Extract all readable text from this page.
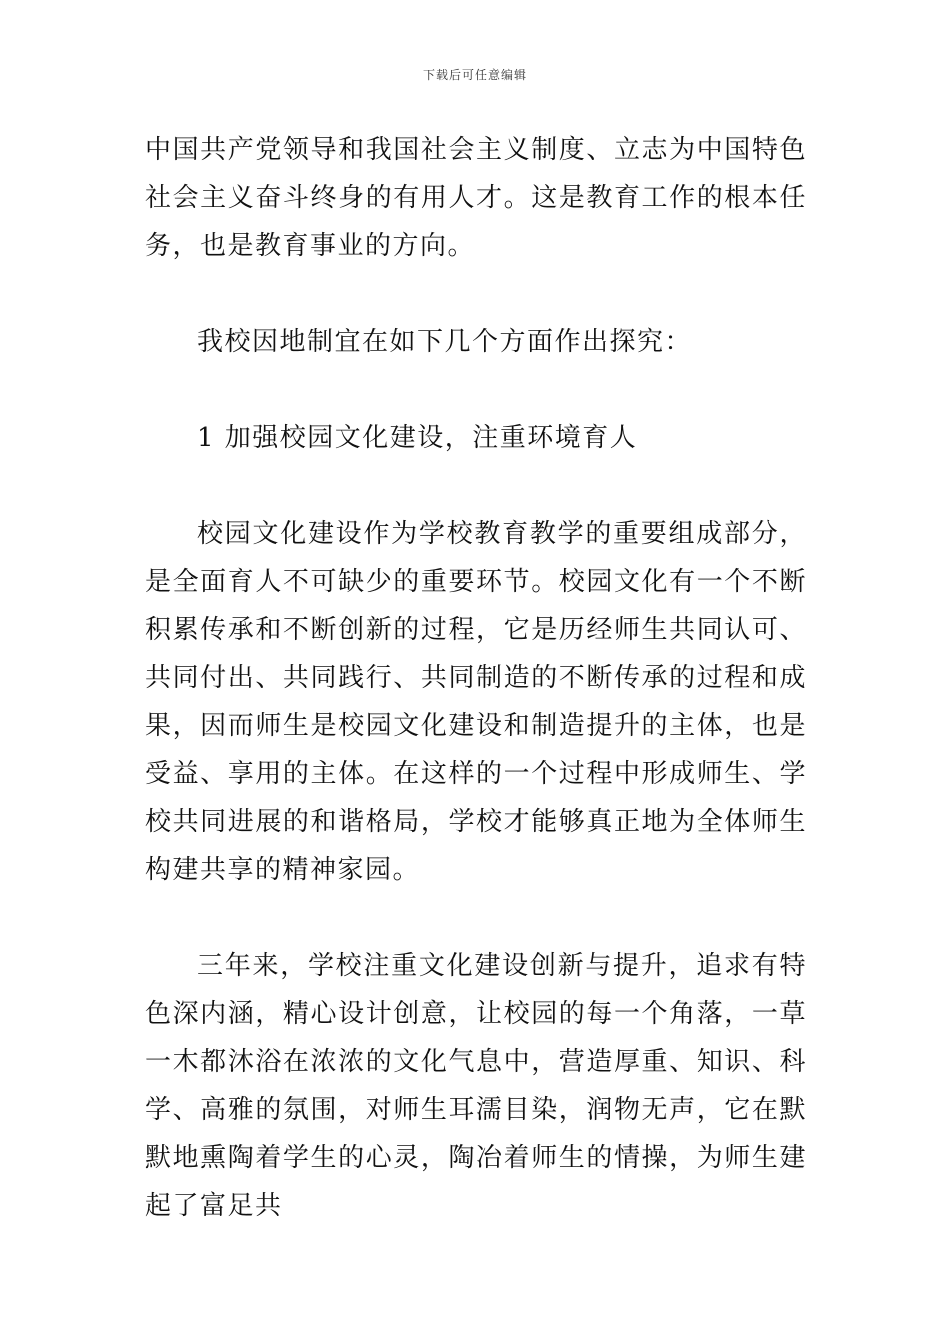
下载后可任意编辑

中国共产党领导和我国社会主义制度、立志为中国特色社会主义奋斗终身的有用人才。这是教育工作的根本任务，也是教育事业的方向。

我校因地制宜在如下几个方面作出探究：

1 加强校园文化建设，注重环境育人

校园文化建设作为学校教育教学的重要组成部分，是全面育人不可缺少的重要环节。校园文化有一个不断积累传承和不断创新的过程，它是历经师生共同认可、共同付出、共同践行、共同制造的不断传承的过程和成果，因而师生是校园文化建设和制造提升的主体，也是受益、享用的主体。在这样的一个过程中形成师生、学校共同进展的和谐格局，学校才能够真正地为全体师生构建共享的精神家园。

三年来，学校注重文化建设创新与提升，追求有特色深内涵，精心设计创意，让校园的每一个角落，一草一木都沐浴在浓浓的文化气息中，营造厚重、知识、科学、高雅的氛围，对师生耳濡目染，润物无声，它在默默地熏陶着学生的心灵，陶冶着师生的情操，为师生建起了富足共
